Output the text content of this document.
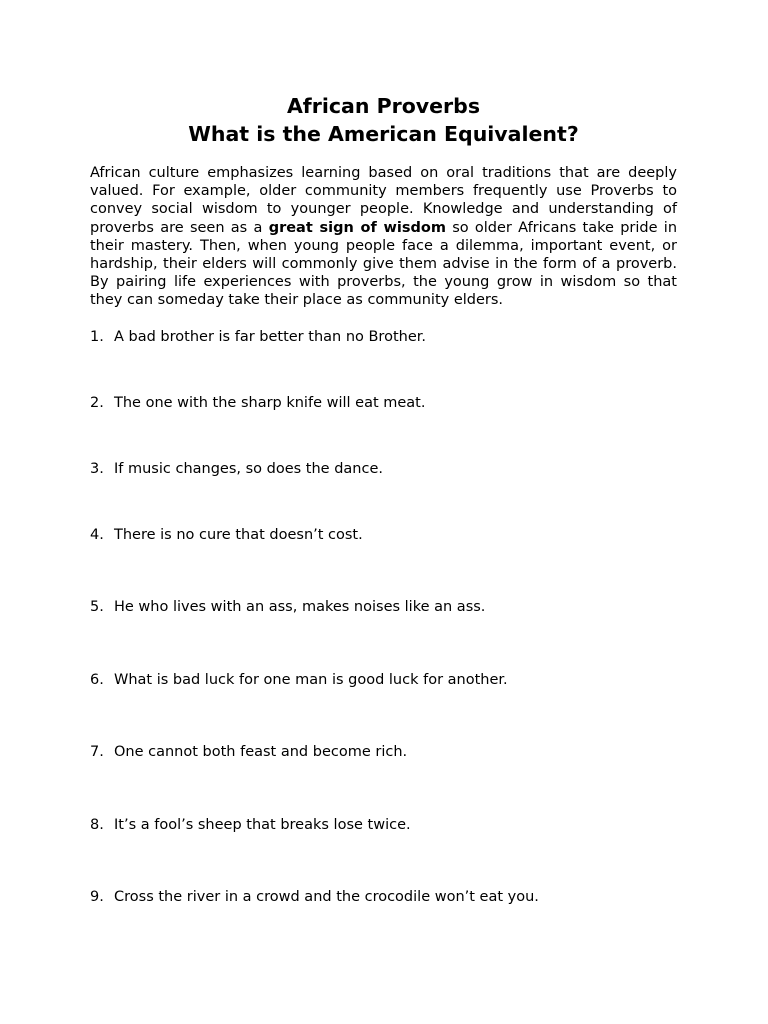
African Proverbs
What is the American Equivalent?

African culture emphasizes learning based on oral traditions that are deeply valued. For example, older community members frequently use Proverbs to convey social wisdom to younger people. Knowledge and understanding of proverbs are seen as a great sign of wisdom so older Africans take pride in their mastery. Then, when young people face a dilemma, important event, or hardship, their elders will commonly give them advise in the form of a proverb. By pairing life experiences with proverbs, the young grow in wisdom so that they can someday take their place as community elders.

1. A bad brother is far better than no Brother.
2. The one with the sharp knife will eat meat.
3. If music changes, so does the dance.
4. There is no cure that doesn’t cost.
5. He who lives with an ass, makes noises like an ass.
6. What is bad luck for one man is good luck for another.
7. One cannot both feast and become rich.
8. It’s a fool’s sheep that breaks lose twice.
9. Cross the river in a crowd and the crocodile won’t eat you.
